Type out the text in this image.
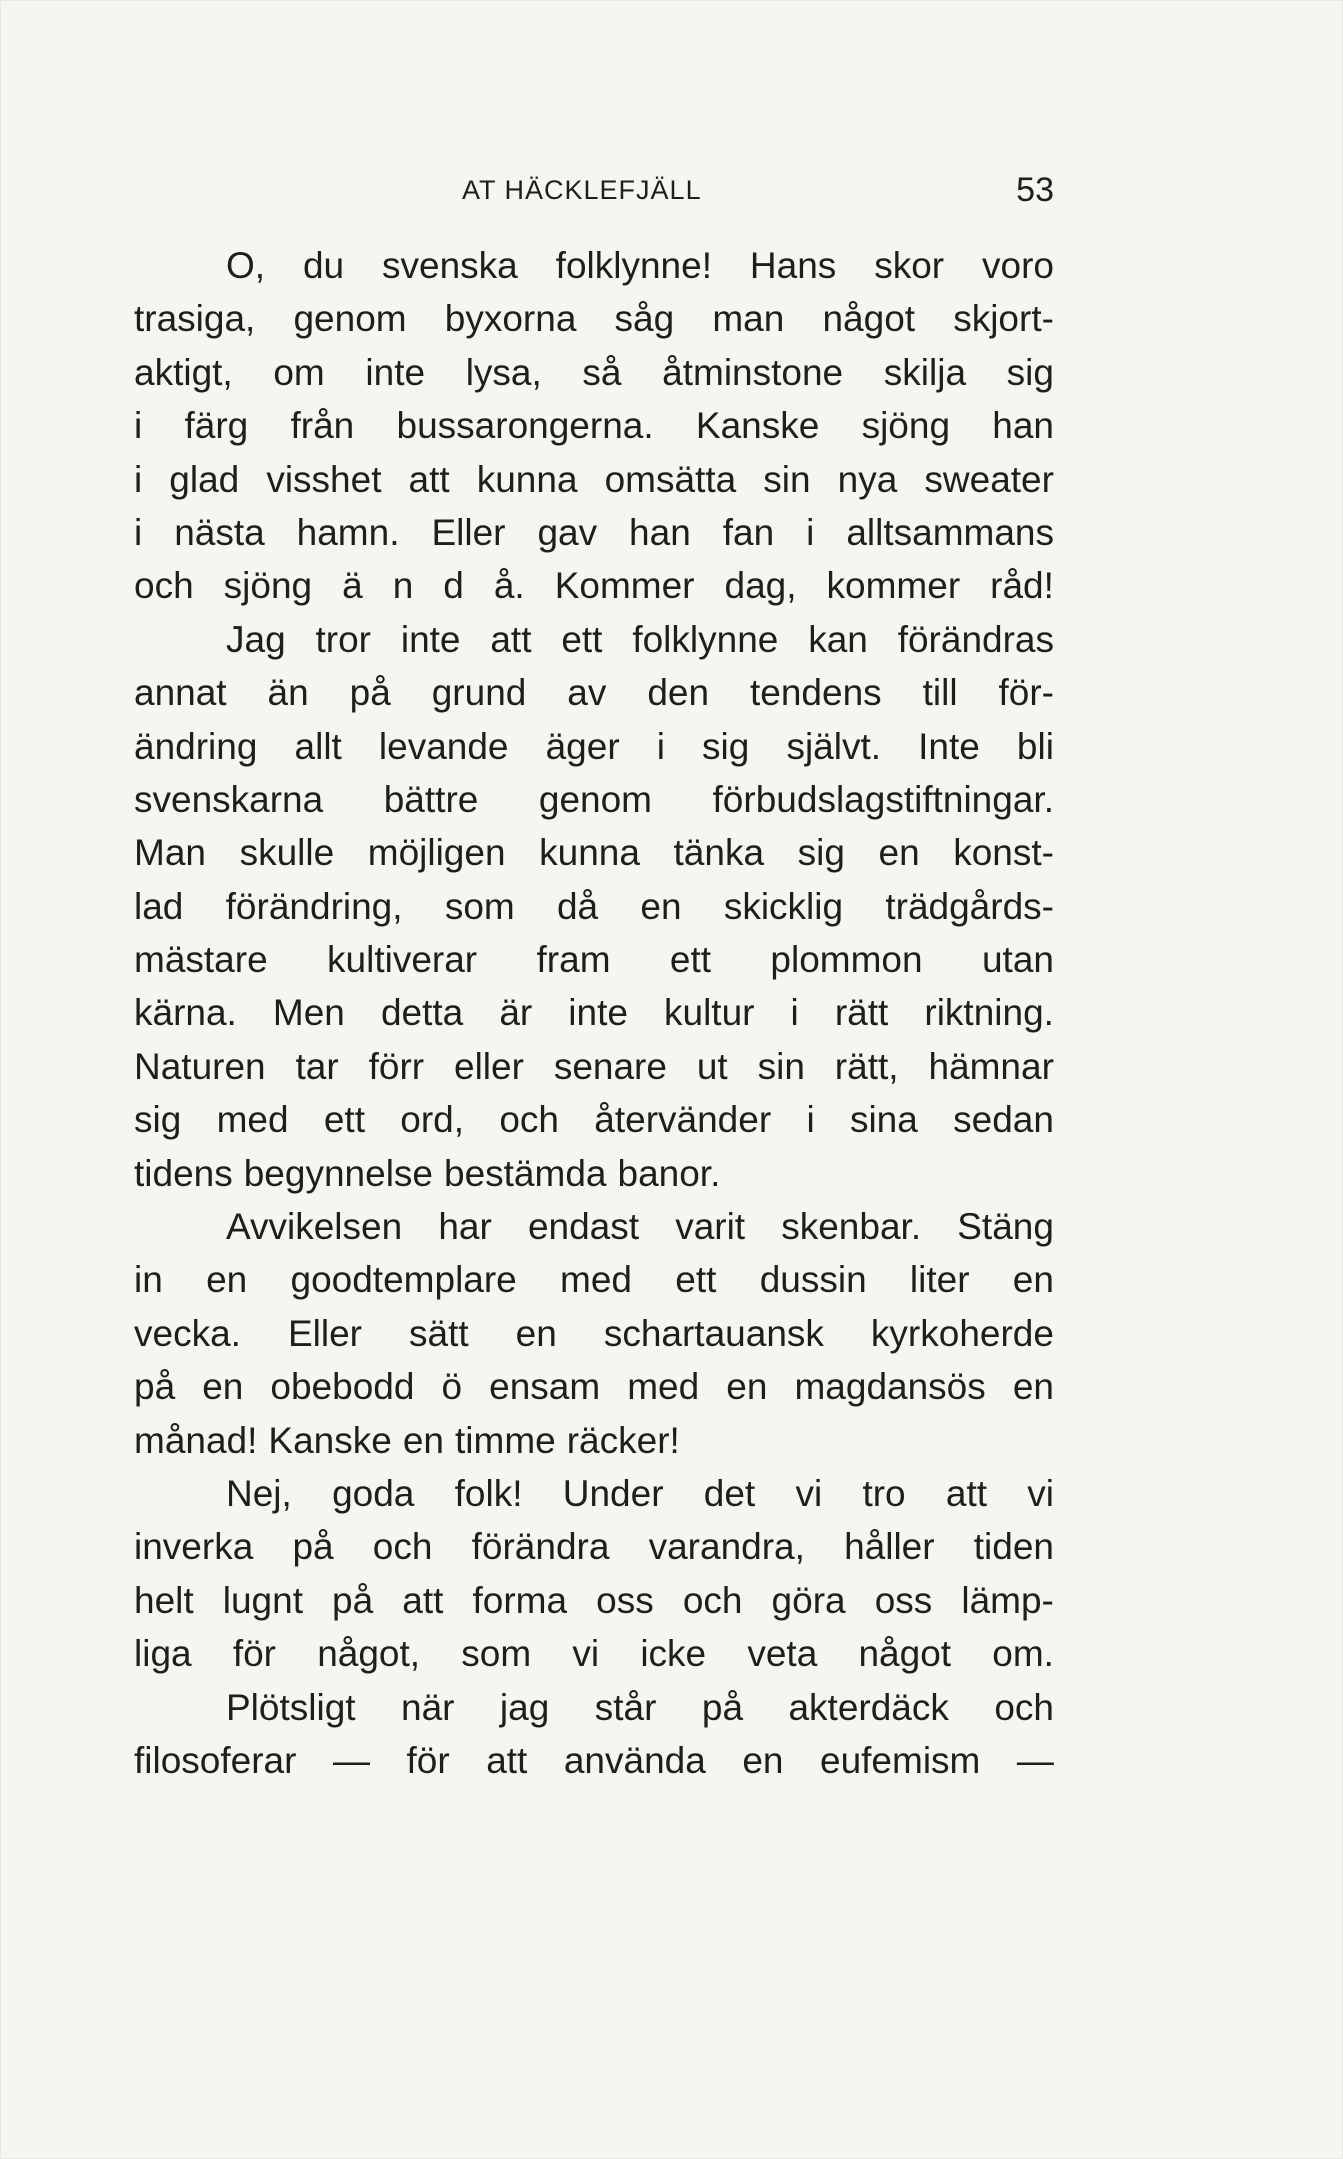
AT HÄCKLEFJÄLL	53
O, du svenska folklynne! Hans skor voro
trasiga, genom byxorna såg man något skjort-
aktigt, om inte lysa, så åtminstone skilja sig
i färg från bussarongerna. Kanske sjöng han
i glad visshet att kunna omsätta sin nya sweater
i nästa hamn. Eller gav han fan i alltsammans
och sjöng ä n d å. Kommer dag, kommer råd!
Jag tror inte att ett folklynne kan förändras
annat än på grund av den tendens till för-
ändring allt levande äger i sig självt. Inte bli
svenskarna bättre genom förbudslagstiftningar.
Man skulle möjligen kunna tänka sig en konst-
lad förändring, som då en skicklig trädgårds-
mästare kultiverar fram ett plommon utan
kärna. Men detta är inte kultur i rätt riktning.
Naturen tar förr eller senare ut sin rätt, hämnar
sig med ett ord, och återvänder i sina sedan
tidens begynnelse bestämda banor.
Avvikelsen har endast varit skenbar. Stäng
in en goodtemplare med ett dussin liter en
vecka. Eller sätt en schartauansk kyrkoherde
på en obebodd ö ensam med en magdansös en
månad! Kanske en timme räcker!
Nej, goda folk! Under det vi tro att vi
inverka på och förändra varandra, håller tiden
helt lugnt på att forma oss och göra oss lämp-
liga för något, som vi icke veta något om.
Plötsligt när jag står på akterdäck och
filosoferar — för att använda en eufemism —
